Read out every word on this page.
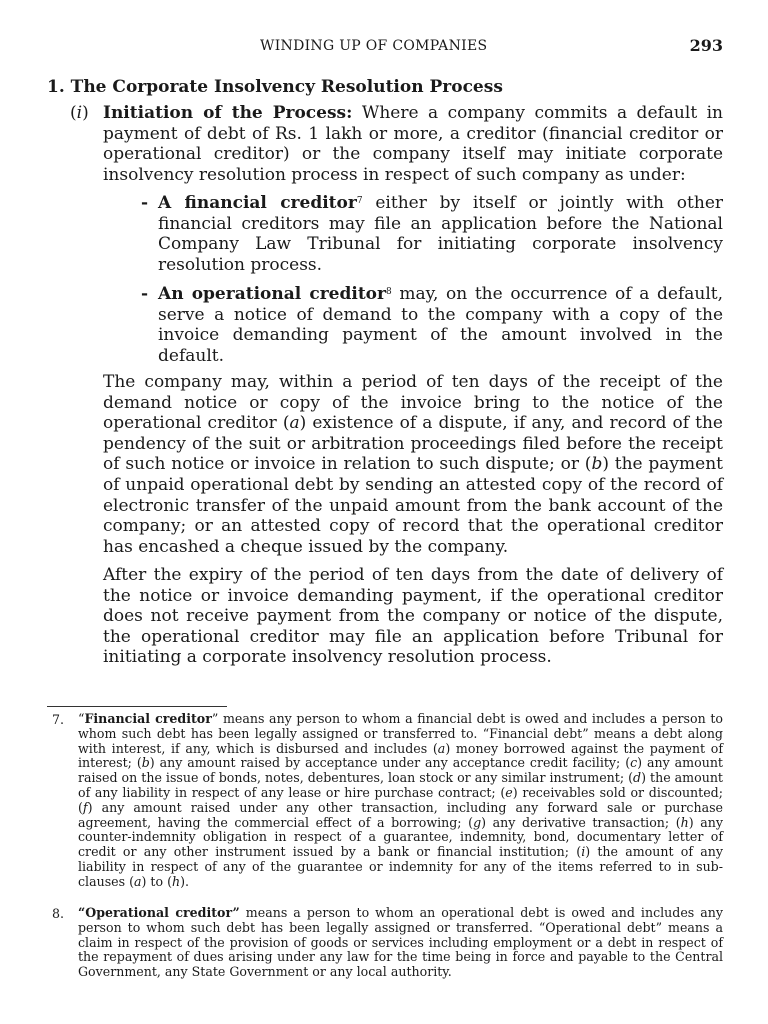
WINDING UP OF COMPANIES	293
1. The Corporate Insolvency Resolution Process
(i) Initiation of the Process: Where a company commits a default in payment of debt of Rs. 1 lakh or more, a creditor (financial creditor or operational creditor) or the company itself may initiate corporate insolvency resolution process in respect of such company as under:
- A financial creditor$^7$ either by itself or jointly with other financial creditors may file an application before the National Company Law Tribunal for initiating corporate insolvency resolution process.
- An operational creditor$^8$ may, on the occurrence of a default, serve a notice of demand to the company with a copy of the invoice demanding payment of the amount involved in the default.
The company may, within a period of ten days of the receipt of the demand notice or copy of the invoice bring to the notice of the operational creditor (a) existence of a dispute, if any, and record of the pendency of the suit or arbitration proceedings filed before the receipt of such notice or invoice in relation to such dispute; or (b) the payment of unpaid operational debt by sending an attested copy of the record of electronic transfer of the unpaid amount from the bank account of the company; or an attested copy of record that the operational creditor has encashed a cheque issued by the company.
After the expiry of the period of ten days from the date of delivery of the notice or invoice demanding payment, if the operational creditor does not receive payment from the company or notice of the dispute, the operational creditor may file an application before Tribunal for initiating a corporate insolvency resolution process.
7. “Financial creditor” means any person to whom a financial debt is owed and includes a person to whom such debt has been legally assigned or transferred to. “Financial debt” means a debt along with interest, if any, which is disbursed and includes (a) money borrowed against the payment of interest; (b) any amount raised by acceptance under any acceptance credit facility; (c) any amount raised on the issue of bonds, notes, debentures, loan stock or any similar instrument; (d) the amount of any liability in respect of any lease or hire purchase contract; (e) receivables sold or discounted; (f) any amount raised under any other transaction, including any forward sale or purchase agreement, having the commercial effect of a borrowing; (g) any derivative transaction; (h) any counter-indemnity obligation in respect of a guarantee, indemnity, bond, documentary letter of credit or any other instrument issued by a bank or financial institution; (i) the amount of any liability in respect of any of the guarantee or indemnity for any of the items referred to in sub-clauses (a) to (h).
8. “Operational creditor” means a person to whom an operational debt is owed and includes any person to whom such debt has been legally assigned or transferred. “Operational debt” means a claim in respect of the provision of goods or services including employment or a debt in respect of the repayment of dues arising under any law for the time being in force and payable to the Central Government, any State Government or any local authority.
